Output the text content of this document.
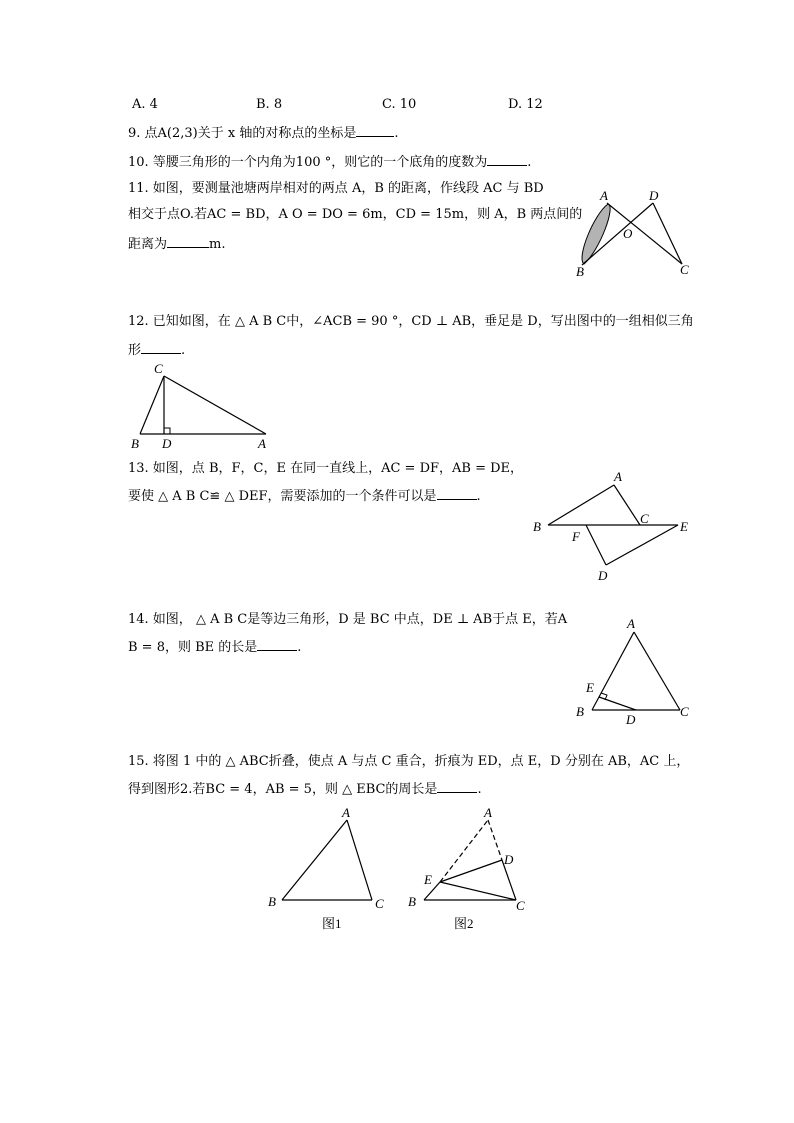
A. 4	B. 8	C. 10	D. 12
9. 点A(2,3)关于 x 轴的对称点的坐标是	.
10. 等腰三角形的一个内角为100 °，则它的一个底角的度数为	.
11. 如图，要测量池塘两岸相对的两点 A，B 的距离，作线段 AC 与 BD
相交于点O.若AC = BD，A O = DO = 6m，CD = 15m，则 A，B 两点间的
距离为	m.
A	D
O
B	C
12. 已知如图，在 △ A B C中，∠ACB = 90 °，CD ⊥ AB，垂足是 D，写出图中的一组相似三角
形	.
C
B D	A
13. 如图，点 B，F，C，E 在同一直线上，AC = DF，AB = DE，
要使 △ A B C≌ △ DEF，需要添加的一个条件可以是	.
A
B
C
E
F
D
14. 如图， △ A B C是等边三角形，D 是 BC 中点，DE ⊥ AB于点 E，若A
B = 8，则 BE 的长是	.
A
E
B
D
C
15. 将图 1 中的 △ ABC折叠，使点 A 与点 C 重合，折痕为 ED，点 E，D 分别在 AB，AC 上，
得到图形2.若BC = 4，AB = 5，则 △ EBC的周长是	.
A
B	C
图1
A
D
E
B	C
图2
